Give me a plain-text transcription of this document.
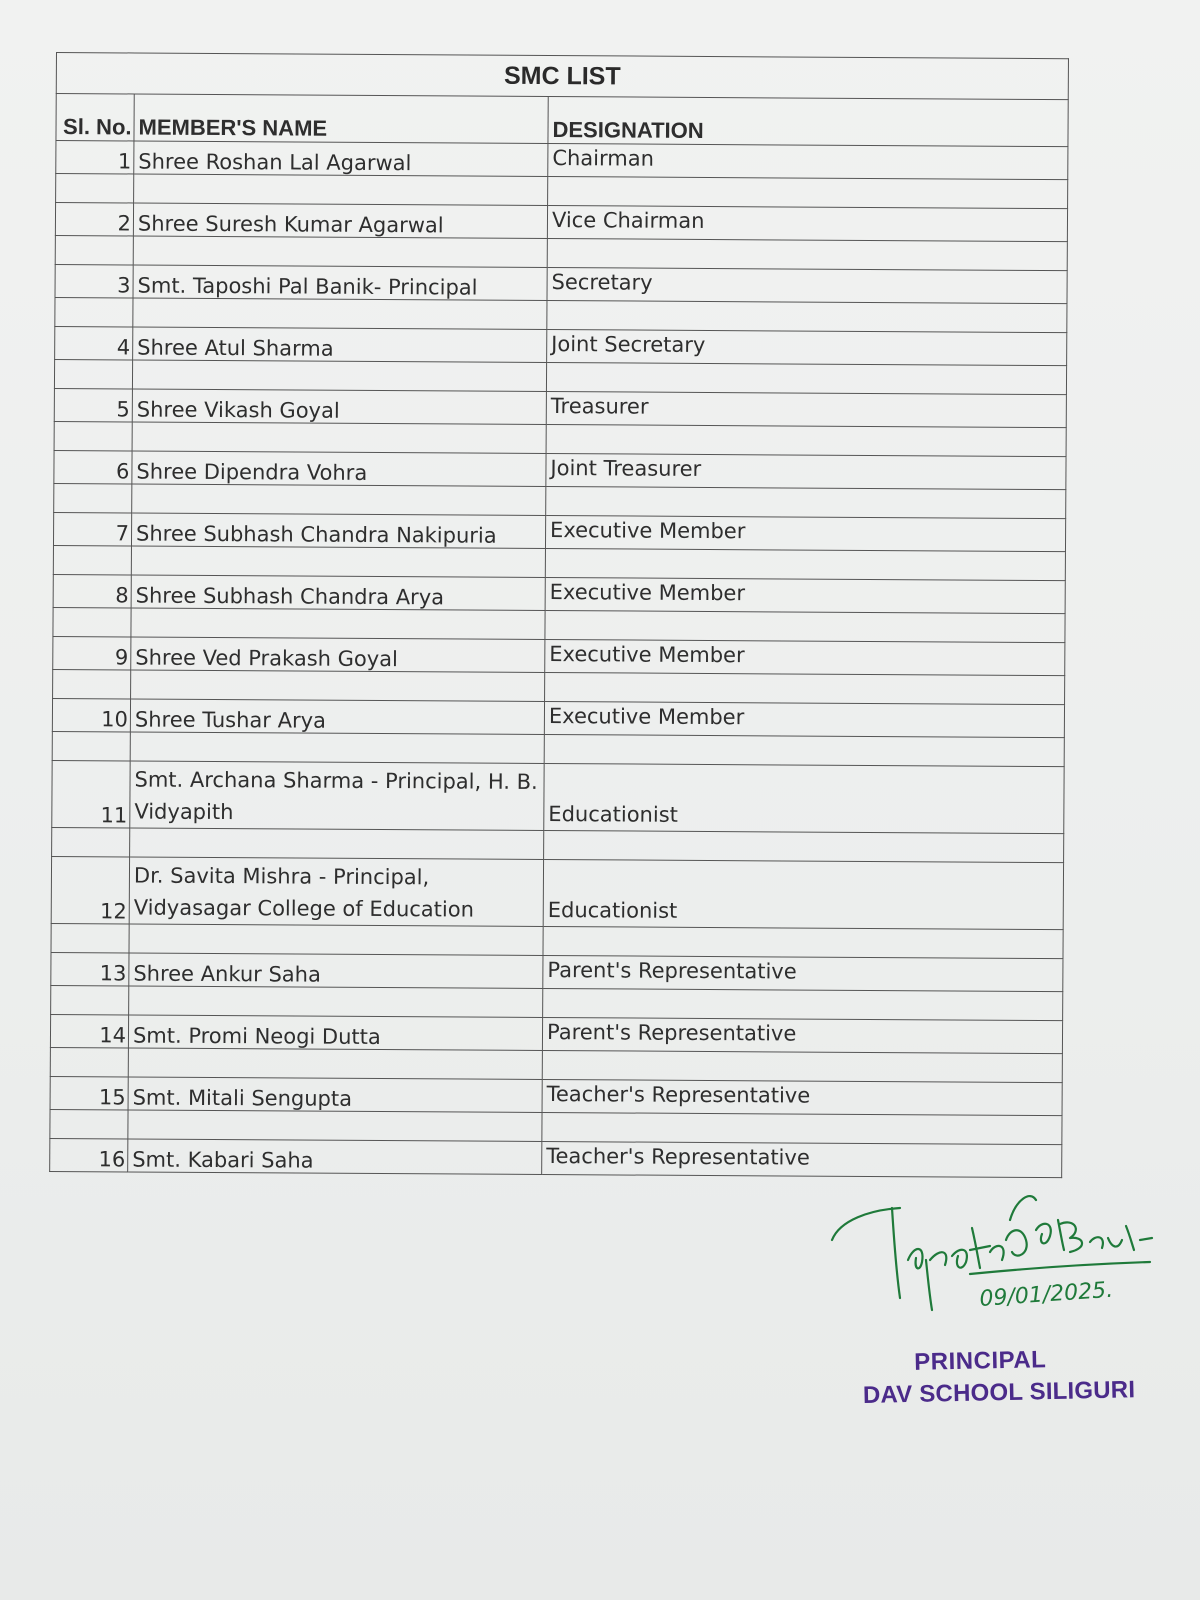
SMC LIST		
Sl. No.	MEMBER'S NAME	DESIGNATION
1	Shree Roshan Lal Agarwal	Chairman

2	Shree Suresh Kumar Agarwal	Vice Chairman

3	Smt. Taposhi Pal Banik- Principal	Secretary

4	Shree Atul Sharma	Joint Secretary

5	Shree Vikash Goyal	Treasurer

6	Shree Dipendra Vohra	Joint Treasurer

7	Shree Subhash Chandra Nakipuria	Executive Member

8	Shree Subhash Chandra Arya	Executive Member

9	Shree Ved Prakash Goyal	Executive Member

10	Shree Tushar Arya	Executive Member

11	Smt. Archana Sharma - Principal, H. B. Vidyapith	Educationist

12	Dr. Savita Mishra - Principal, Vidyasagar College of Education	Educationist

13	Shree Ankur Saha	Parent's Representative

14	Smt. Promi Neogi Dutta	Parent's Representative

15	Smt. Mitali Sengupta	Teacher's Representative

16	Smt. Kabari Saha	Teacher's Representative
09/01/2025.
PRINCIPAL
DAV SCHOOL SILIGURI
